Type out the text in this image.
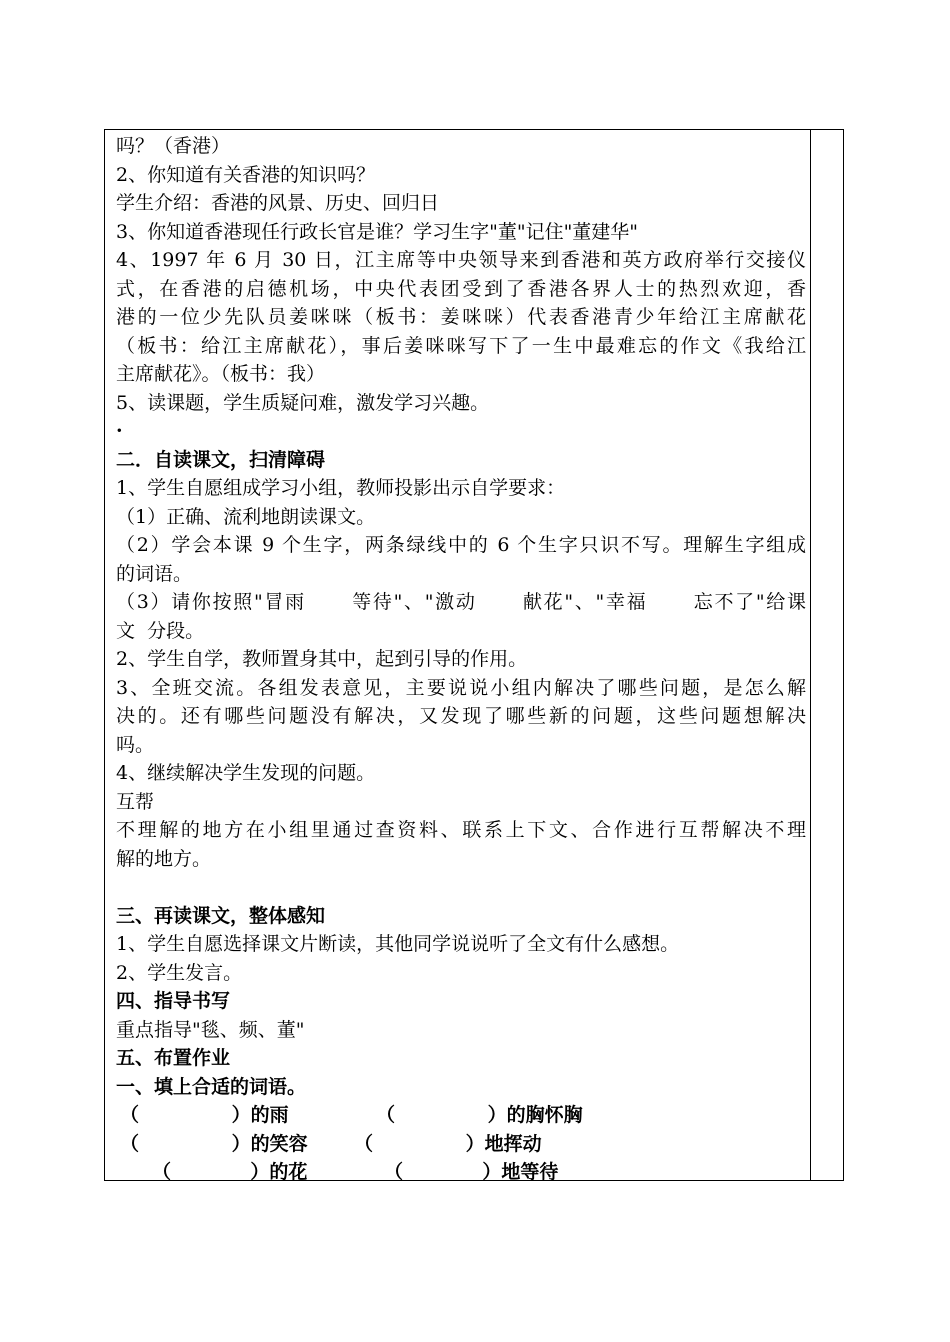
吗？（香港）
2、你知道有关香港的知识吗？
学生介绍：香港的风景、历史、回归日
3、你知道香港现任行政长官是谁？学习生字"董"记住"董建华"
4、1997 年 6 月 30 日，江主席等中央领导来到香港和英方政府举行交接仪
式，在香港的启德机场，中央代表团受到了香港各界人士的热烈欢迎，香
港的一位少先队员姜咪咪（板书：姜咪咪）代表香港青少年给江主席献花
（板书：给江主席献花），事后姜咪咪写下了一生中最难忘的作文《我给江
主席献花》。（板书：我）
5、读课题，学生质疑问难，激发学习兴趣。
·
二．自读课文，扫清障碍
1、学生自愿组成学习小组，教师投影出示自学要求：
（1）正确、流利地朗读课文。
（2）学会本课 9 个生字，两条绿线中的 6 个生字只识不写。理解生字组成
的词语。
（3）请你按照"冒雨      等待"、"激动      献花"、"幸福      忘不了"给课
文  分段。
2、学生自学，教师置身其中，起到引导的作用。
3、全班交流。各组发表意见，主要说说小组内解决了哪些问题，是怎么解
决的。还有哪些问题没有解决，又发现了哪些新的问题，这些问题想解决
吗。
4、继续解决学生发现的问题。
互帮
不理解的地方在小组里通过查资料、联系上下文、合作进行互帮解决不理
解的地方。
三、再读课文，整体感知
1、学生自愿选择课文片断读，其他同学说说听了全文有什么感想。
2、学生发言。
四、指导书写
重点指导"毯、频、董"
五、布置作业
一、填上合适的词语。
（              ）的雨	（              ）的胸怀胸
（              ）的笑容 （              ）地挥动
（            ）的花	（            ）地等待
